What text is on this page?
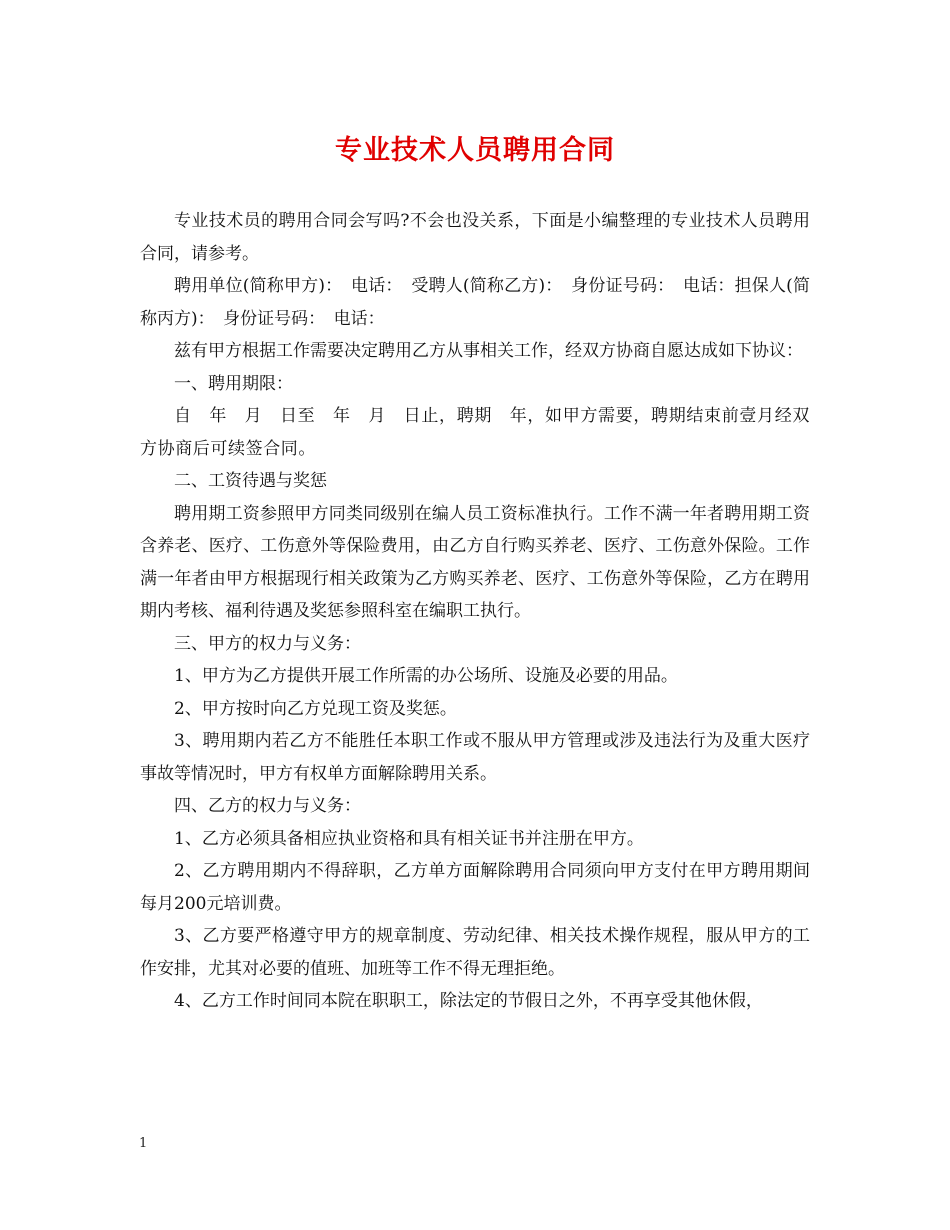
专业技术人员聘用合同

专业技术员的聘用合同会写吗?不会也没关系，下面是小编整理的专业技术人员聘用合同，请参考。

聘用单位(简称甲方)：　电话：　受聘人(简称乙方)：　身份证号码：　电话：担保人(简称丙方)：　身份证号码：　电话：

兹有甲方根据工作需要决定聘用乙方从事相关工作，经双方协商自愿达成如下协议：

一、聘用期限：

自　年　月　日至　年　月　日止，聘期　年，如甲方需要，聘期结束前壹月经双方协商后可续签合同。

二、工资待遇与奖惩

聘用期工资参照甲方同类同级别在编人员工资标准执行。工作不满一年者聘用期工资含养老、医疗、工伤意外等保险费用，由乙方自行购买养老、医疗、工伤意外保险。工作满一年者由甲方根据现行相关政策为乙方购买养老、医疗、工伤意外等保险，乙方在聘用期内考核、福利待遇及奖惩参照科室在编职工执行。

三、甲方的权力与义务：

1、甲方为乙方提供开展工作所需的办公场所、设施及必要的用品。

2、甲方按时向乙方兑现工资及奖惩。

3、聘用期内若乙方不能胜任本职工作或不服从甲方管理或涉及违法行为及重大医疗事故等情况时，甲方有权单方面解除聘用关系。

四、乙方的权力与义务：

1、乙方必须具备相应执业资格和具有相关证书并注册在甲方。

2、乙方聘用期内不得辞职，乙方单方面解除聘用合同须向甲方支付在甲方聘用期间每月200元培训费。

3、乙方要严格遵守甲方的规章制度、劳动纪律、相关技术操作规程，服从甲方的工作安排，尤其对必要的值班、加班等工作不得无理拒绝。

4、乙方工作时间同本院在职职工，除法定的节假日之外，不再享受其他休假，

1
